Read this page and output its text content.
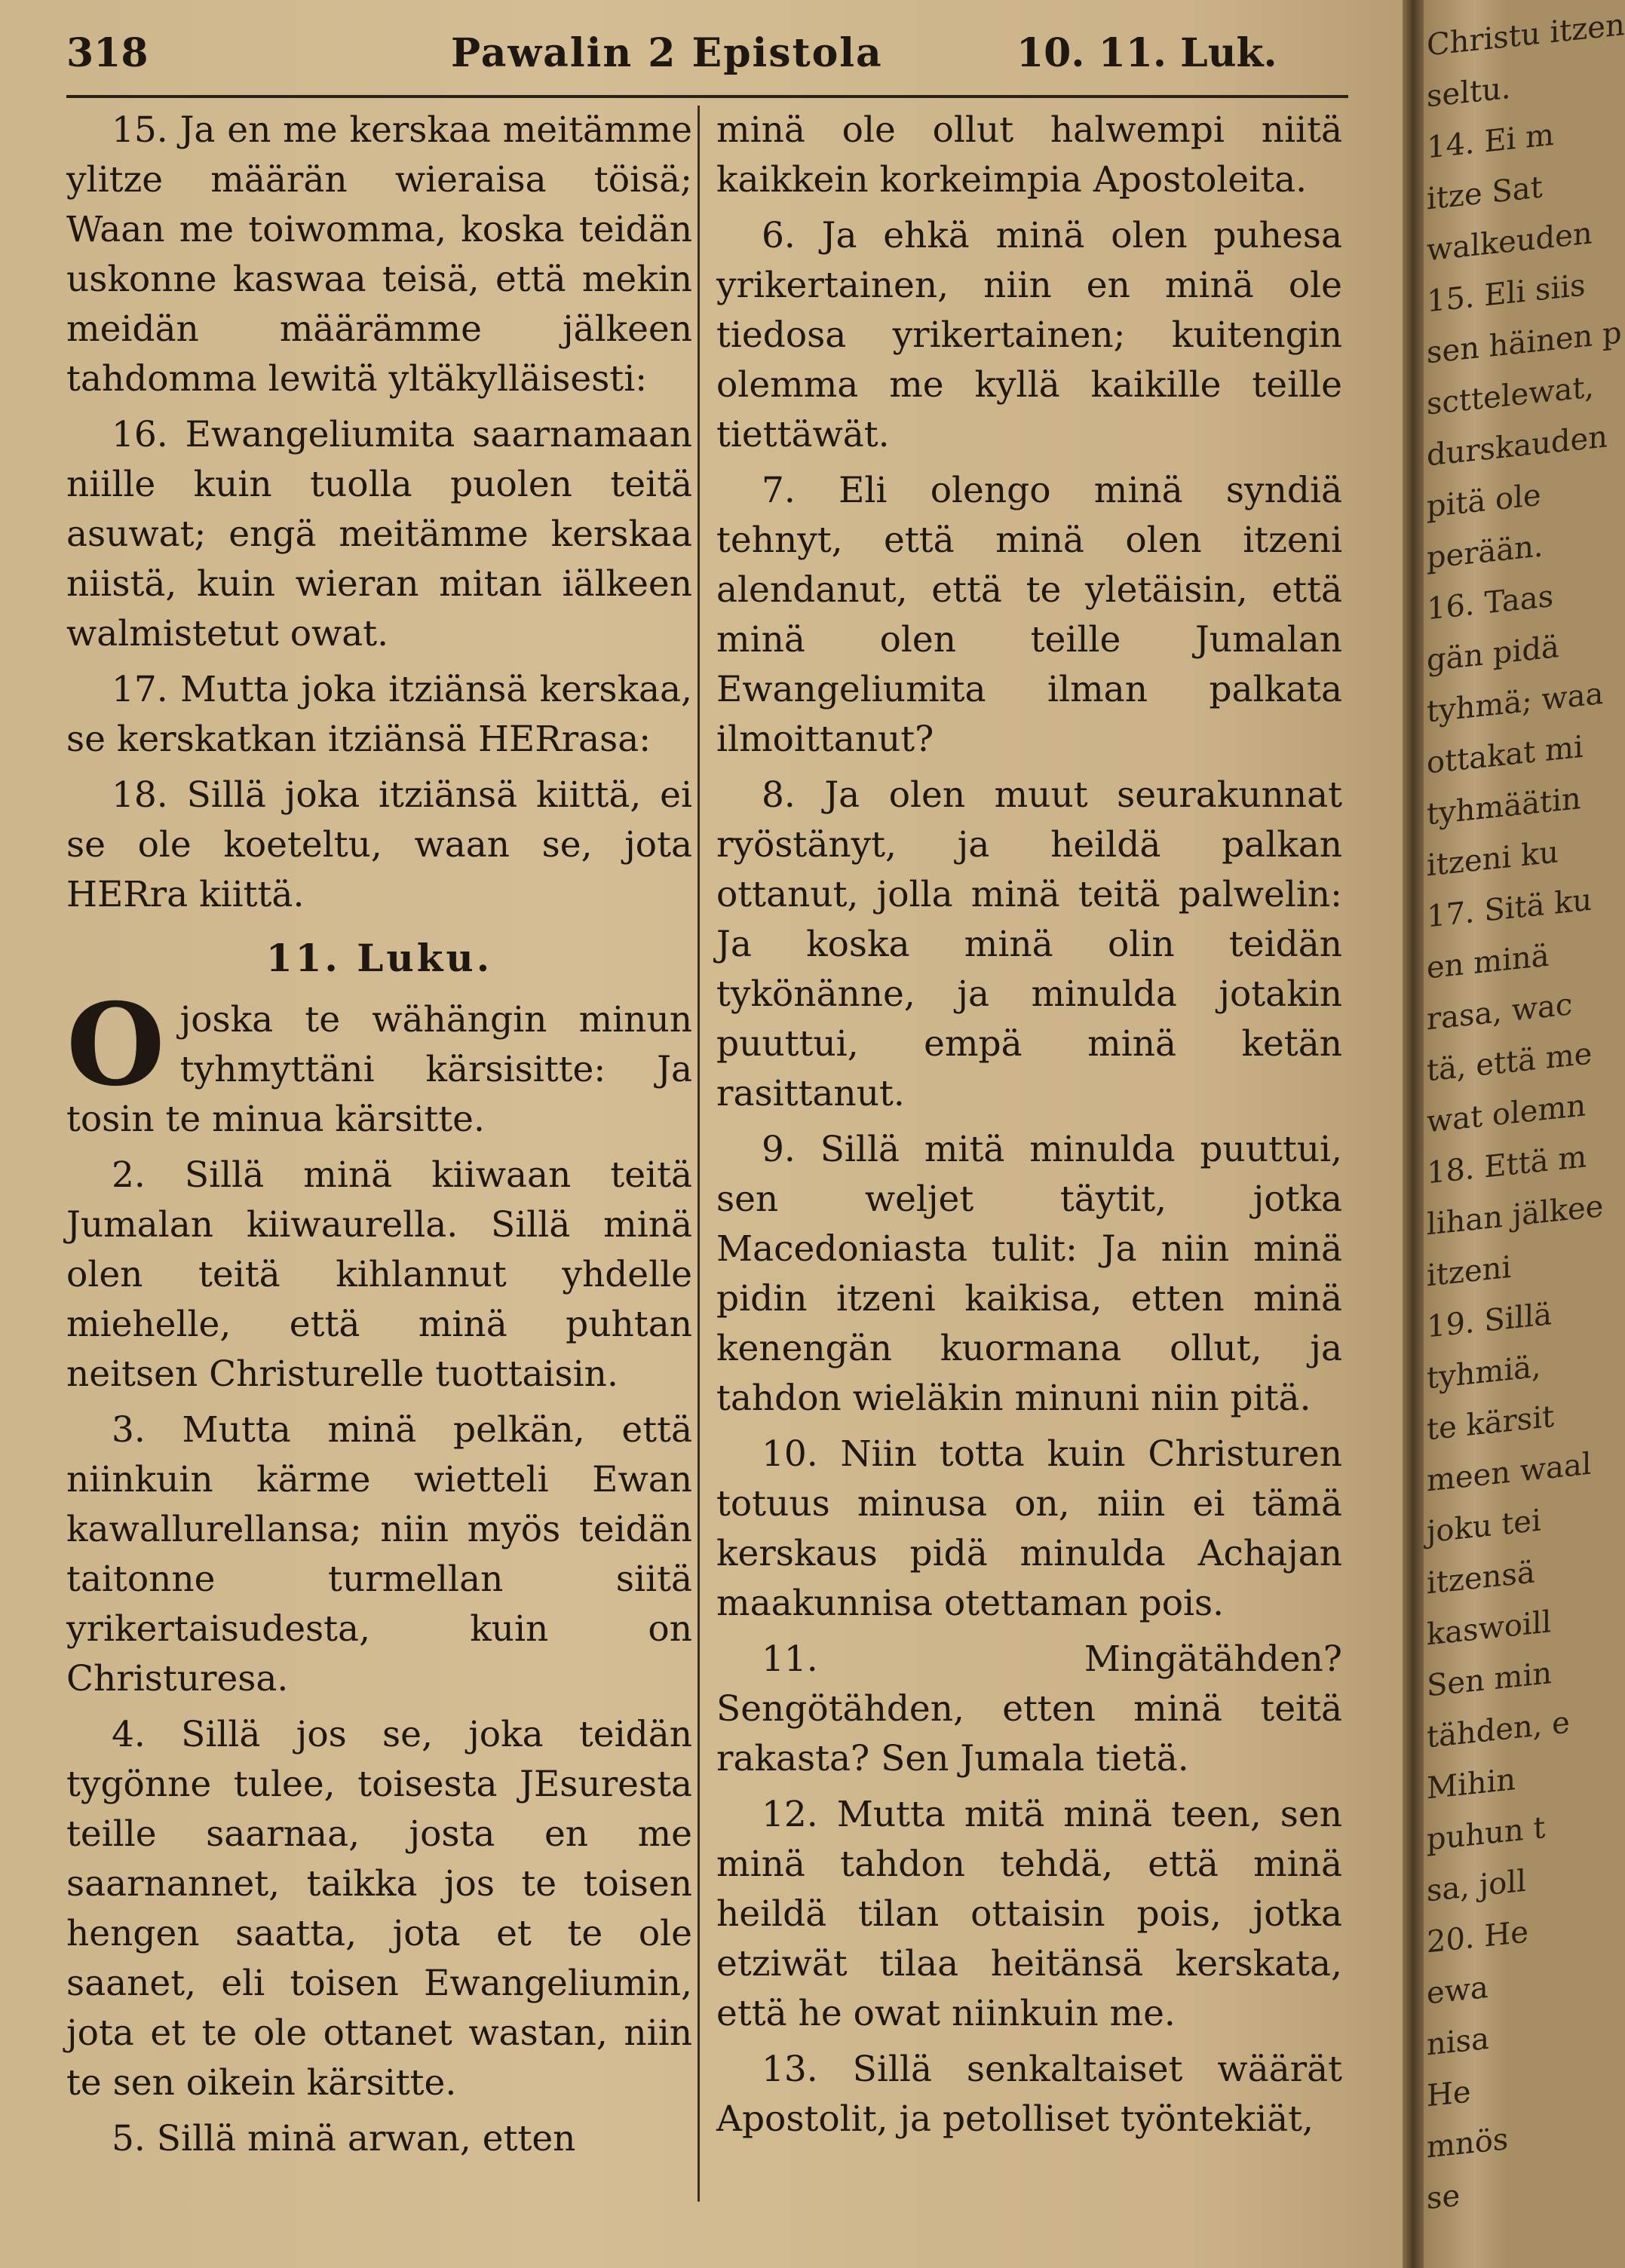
318	Pawalin 2 Epistola	10. 11. Luk.

15. Ja en me kerskaa meitämme ylitze määrän wieraisa töisä; Waan me toiwomma, koska teidän uskonne kaswaa teisä, että mekin meidän määrämme jälkeen tahdomma lewitä yltäkylläisesti:

16. Ewangeliumita saarnamaan niille kuin tuolla puolen teitä asuwat; engä meitämme kerskaa niistä, kuin wieran mitan iälkeen walmistetut owat.

17. Mutta joka itziänsä kerskaa, se kerskatkan itziänsä HERrasa:

18. Sillä joka itziänsä kiittä, ei se ole koeteltu, waan se, jota HERra kiittä.

11. Luku.

O joska te wähängin minun tyhmyttäni kärsisitte: Ja tosin te minua kärsitte.

2. Sillä minä kiiwaan teitä Jumalan kiiwaurella. Sillä minä olen teitä kihlannut yhdelle miehelle, että minä puhtan neitsen Christurelle tuottaisin.

3. Mutta minä pelkän, että niinkuin kärme wietteli Ewan kawallurellansa; niin myös teidän taitonne turmellan siitä yrikertaisudesta, kuin on Christuresa.

4. Sillä jos se, joka teidän tygönne tulee, toisesta JEsuresta teille saarnaa, josta en me saarnannet, taikka jos te toisen hengen saatta, jota et te ole saanet, eli toisen Ewangeliumin, jota et te ole ottanet wastan, niin te sen oikein kärsitte.

5. Sillä minä arwan, etten

minä ole ollut halwempi niitä kaikkein korkeimpia Apostoleita.

6. Ja ehkä minä olen puhesa yrikertainen, niin en minä ole tiedosa yrikertainen; kuitengin olemma me kyllä kaikille teille tiettäwät.

7. Eli olengo minä syndiä tehnyt, että minä olen itzeni alendanut, että te yletäisin, että minä olen teille Jumalan Ewangeliumita ilman palkata ilmoittanut?

8. Ja olen muut seurakunnat ryöstänyt, ja heildä palkan ottanut, jolla minä teitä palwelin: Ja koska minä olin teidän tykönänne, ja minulda jotakin puuttui, empä minä ketän rasittanut.

9. Sillä mitä minulda puuttui, sen weljet täytit, jotka Macedoniasta tulit: Ja niin minä pidin itzeni kaikisa, etten minä kenengän kuormana ollut, ja tahdon wieläkin minuni niin pitä.

10. Niin totta kuin Christuren totuus minusa on, niin ei tämä kerskaus pidä minulda Achajan maakunnisa otettaman pois.

11. Mingätähden? Sengötähden, etten minä teitä rakasta? Sen Jumala tietä.

12. Mutta mitä minä teen, sen minä tahdon tehdä, että minä heildä tilan ottaisin pois, jotka etziwät tilaa heitänsä kerskata, että he owat niinkuin me.

13. Sillä senkaltaiset wäärät Apostolit, ja petolliset työntekiät,

Christu itzen
seltu.
14. Ei m
itze Sat
walkeuden
15. Eli siis
sen häinen p
scttelewat,
durskauden
pitä ole
perään.
16. Taas
gän pidä
tyhmä; waa
ottakat mi
tyhmäätin
itzeni ku
17. Sitä ku
en minä
rasa, wac
tä, että me
wat olemn
18. Että m
lihan jälkee
itzeni
19. Sillä
tyhmiä,
te kärsit
meen waal
joku tei
itzensä
kaswoill
Sen min
tähden, e
Mihin
puhun t
sa, joll
20. He
ewa
nisa
He
mnös
se
